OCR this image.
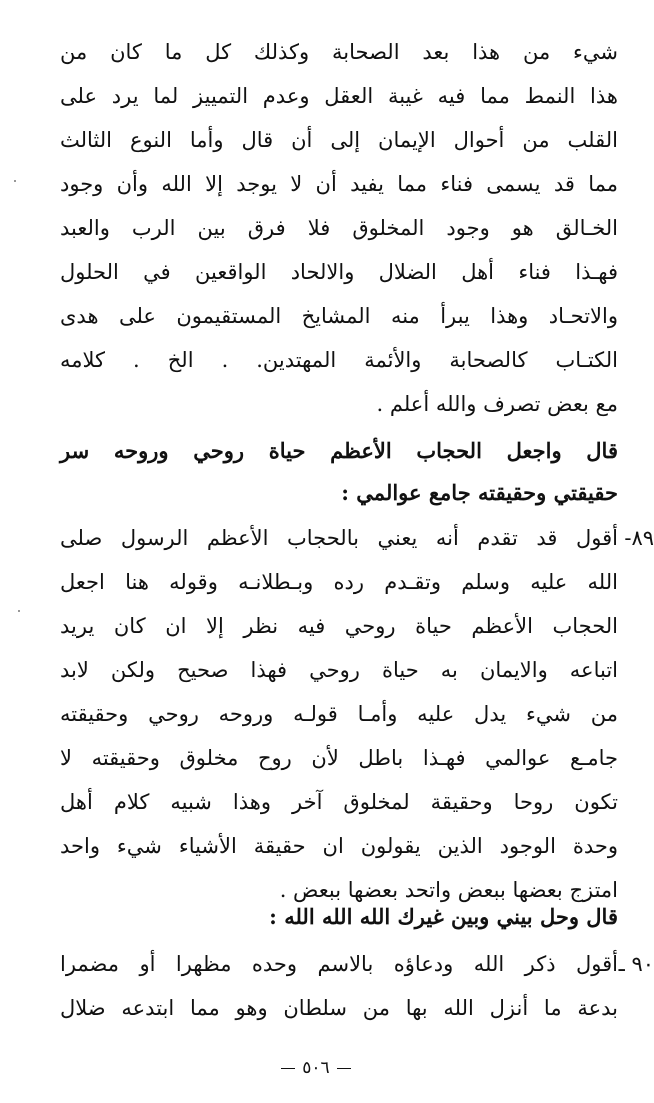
شيء من هذا بعد الصحابة وكذلك كل ما كان من
هذا النمط مما فيه غيبة العقل وعدم التمييز لما يرد على
القلب من أحوال الإيمان إلى أن قال وأما النوع الثالث
مما قد يسمى فناء مما يفيد أن لا يوجد إلا الله وأن وجود
الخـالق هو وجود المخلوق فلا فرق بين الرب والعبد
فهـذا فناء أهل الضلال والالحاد الواقعين في الحلول
والاتحـاد وهذا يبرأ منه المشايخ المستقيمون على هدى
الكتـاب كالصحابة والأئمة المهتدين. . الخ . كلامه
مع بعض تصرف والله أعلم .
قال واجعل الحجاب الأعظم حياة روحي وروحه سر
حقيقتي وحقيقته جامع عوالمي :
٨٩-
أقول قد تقدم أنه يعني بالحجاب الأعظم الرسول صلى
الله عليه وسلم وتقـدم رده وبـطلانـه وقوله هنا اجعل
الحجاب الأعظم حياة روحي فيه نظر إلا ان كان يريد
اتباعه والايمان به حياة روحي فهذا صحيح ولكن لابد
من شيء يدل عليه وأمـا قولـه وروحه روحي وحقيقته
جامـع عوالمي فهـذا باطل لأن روح مخلوق وحقيقته لا
تكون روحا وحقيقة لمخلوق آخر وهذا شبيه كلام أهل
وحدة الوجود الذين يقولون ان حقيقة الأشياء شيء واحد
امتزج بعضها ببعض واتحد بعضها ببعض .
قال وحل بيني وبين غيرك الله الله الله :
٩٠ ـ
أقول ذكر الله ودعاؤه بالاسم وحده مظهرا أو مضمرا
بدعة ما أنزل الله بها من سلطان وهو مما ابتدعه ضلال
٥٠٦
